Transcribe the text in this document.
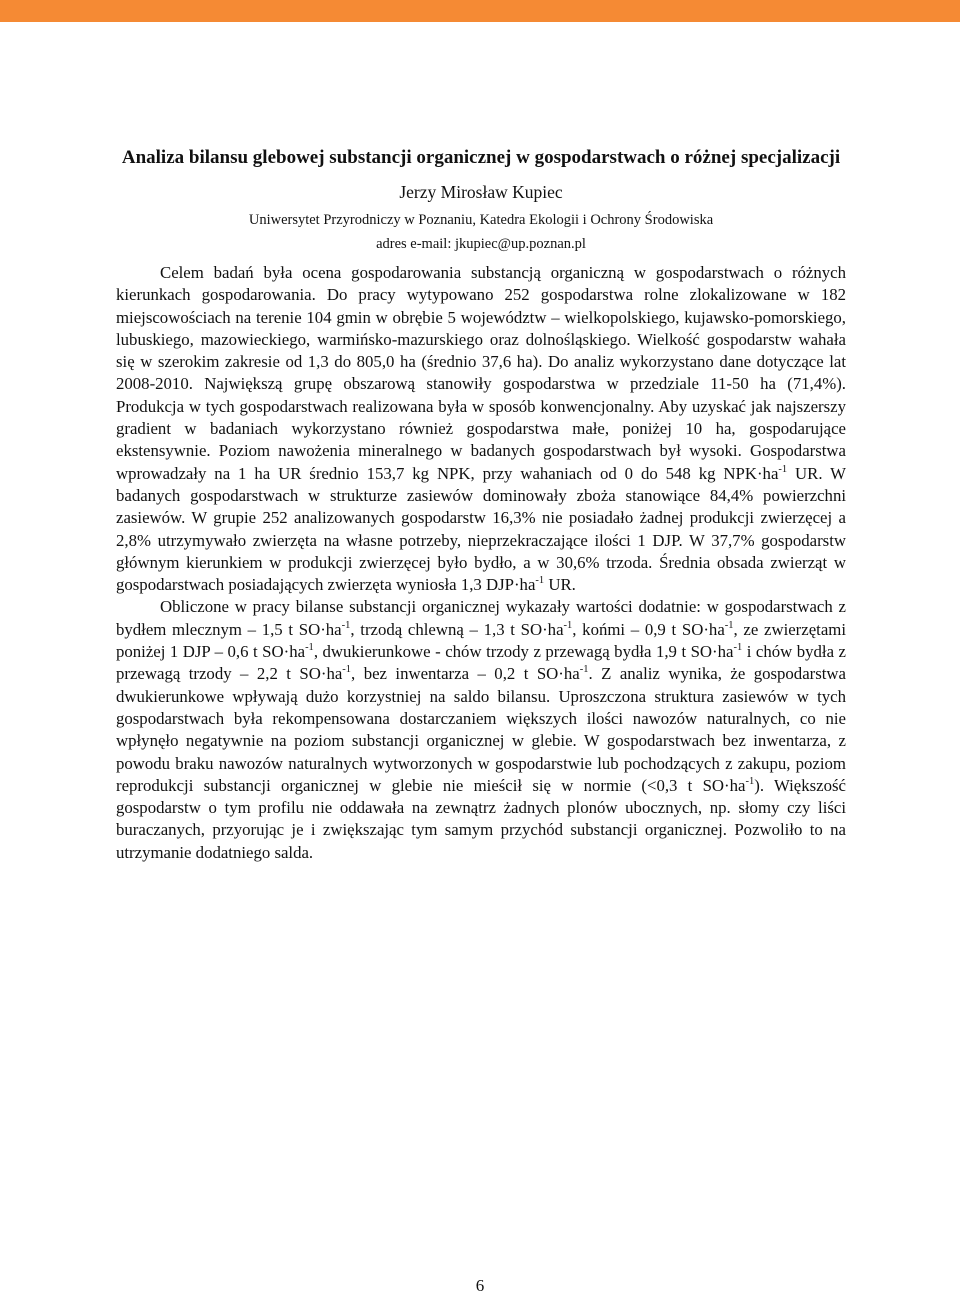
Analiza bilansu glebowej substancji organicznej w gospodarstwach o różnej specjalizacji

Jerzy Mirosław Kupiec

Uniwersytet Przyrodniczy w Poznaniu, Katedra Ekologii i Ochrony Środowiska

adres e-mail: jkupiec@up.poznan.pl

Celem badań była ocena gospodarowania substancją organiczną w gospodarstwach o różnych kierunkach gospodarowania. Do pracy wytypowano 252 gospodarstwa rolne zlokalizowane w 182 miejscowościach na terenie 104 gmin w obrębie 5 województw – wielkopolskiego, kujawsko-pomorskiego, lubuskiego, mazowieckiego, warmińsko-mazurskiego oraz dolnośląskiego. Wielkość gospodarstw wahała się w szerokim zakresie od 1,3 do 805,0 ha (średnio 37,6 ha). Do analiz wykorzystano dane dotyczące lat 2008-2010. Największą grupę obszarową stanowiły gospodarstwa w przedziale 11-50 ha (71,4%). Produkcja w tych gospodarstwach realizowana była w sposób konwencjonalny. Aby uzyskać jak najszerszy gradient w badaniach wykorzystano również gospodarstwa małe, poniżej 10 ha, gospodarujące ekstensywnie. Poziom nawożenia mineralnego w badanych gospodarstwach był wysoki. Gospodarstwa wprowadzały na 1 ha UR średnio 153,7 kg NPK, przy wahaniach od 0 do 548 kg $NPK\cdot ha^{-1}$ UR. W badanych gospodarstwach w strukturze zasiewów dominowały zboża stanowiące 84,4% powierzchni zasiewów. W grupie 252 analizowanych gospodarstw 16,3% nie posiadało żadnej produkcji zwierzęcej a 2,8% utrzymywało zwierzęta na własne potrzeby, nieprzekraczające ilości 1 DJP. W 37,7% gospodarstw głównym kierunkiem w produkcji zwierzęcej było bydło, a w 30,6% trzoda. Średnia obsada zwierząt w gospodarstwach posiadających zwierzęta wyniosła 1,3 $DJP\cdot ha^{-1}$ UR.

Obliczone w pracy bilanse substancji organicznej wykazały wartości dodatnie: w gospodarstwach z bydłem mlecznym – 1,5 t $SO\cdot ha^{-1}$, trzodą chlewną – 1,3 t $SO\cdot ha^{-1}$, końmi – 0,9 t $SO\cdot ha^{-1}$, ze zwierzętami poniżej 1 DJP – 0,6 t $SO\cdot ha^{-1}$, dwukierunkowe - chów trzody z przewagą bydła 1,9 t $SO\cdot ha^{-1}$ i chów bydła z przewagą trzody – 2,2 t $SO\cdot ha^{-1}$, bez inwentarza – 0,2 t $SO\cdot ha^{-1}$. Z analiz wynika, że gospodarstwa dwukierunkowe wpływają dużo korzystniej na saldo bilansu. Uproszczona struktura zasiewów w tych gospodarstwach była rekompensowana dostarczaniem większych ilości nawozów naturalnych, co nie wpłynęło negatywnie na poziom substancji organicznej w glebie. W gospodarstwach bez inwentarza, z powodu braku nawozów naturalnych wytworzonych w gospodarstwie lub pochodzących z zakupu, poziom reprodukcji substancji organicznej w glebie nie mieścił się w normie (<0,3 t $SO\cdot ha^{-1}$). Większość gospodarstw o tym profilu nie oddawała na zewnątrz żadnych plonów ubocznych, np. słomy czy liści buraczanych, przyorując je i zwiększając tym samym przychód substancji organicznej. Pozwoliło to na utrzymanie dodatniego salda.

6
